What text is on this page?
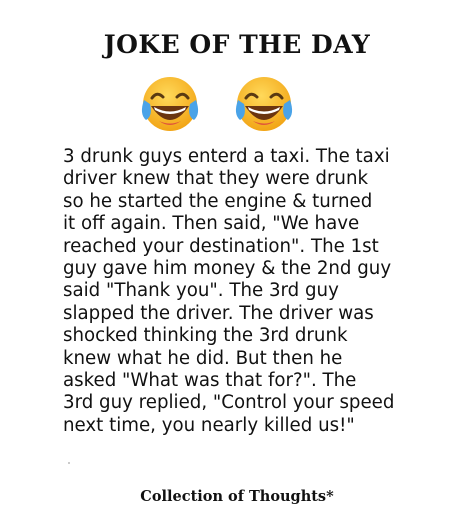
JOKE OF THE DAY

3 drunk guys enterd a taxi. The taxi
driver knew that they were drunk
so he started the engine & turned
it off again. Then said, "We have
reached your destination". The 1st
guy gave him money & the 2nd guy
said "Thank you". The 3rd guy
slapped the driver. The driver was
shocked thinking the 3rd drunk
knew what he did. But then he
asked "What was that for?". The
3rd guy replied, "Control your speed
next time, you nearly killed us!"

Collection of Thoughts*
